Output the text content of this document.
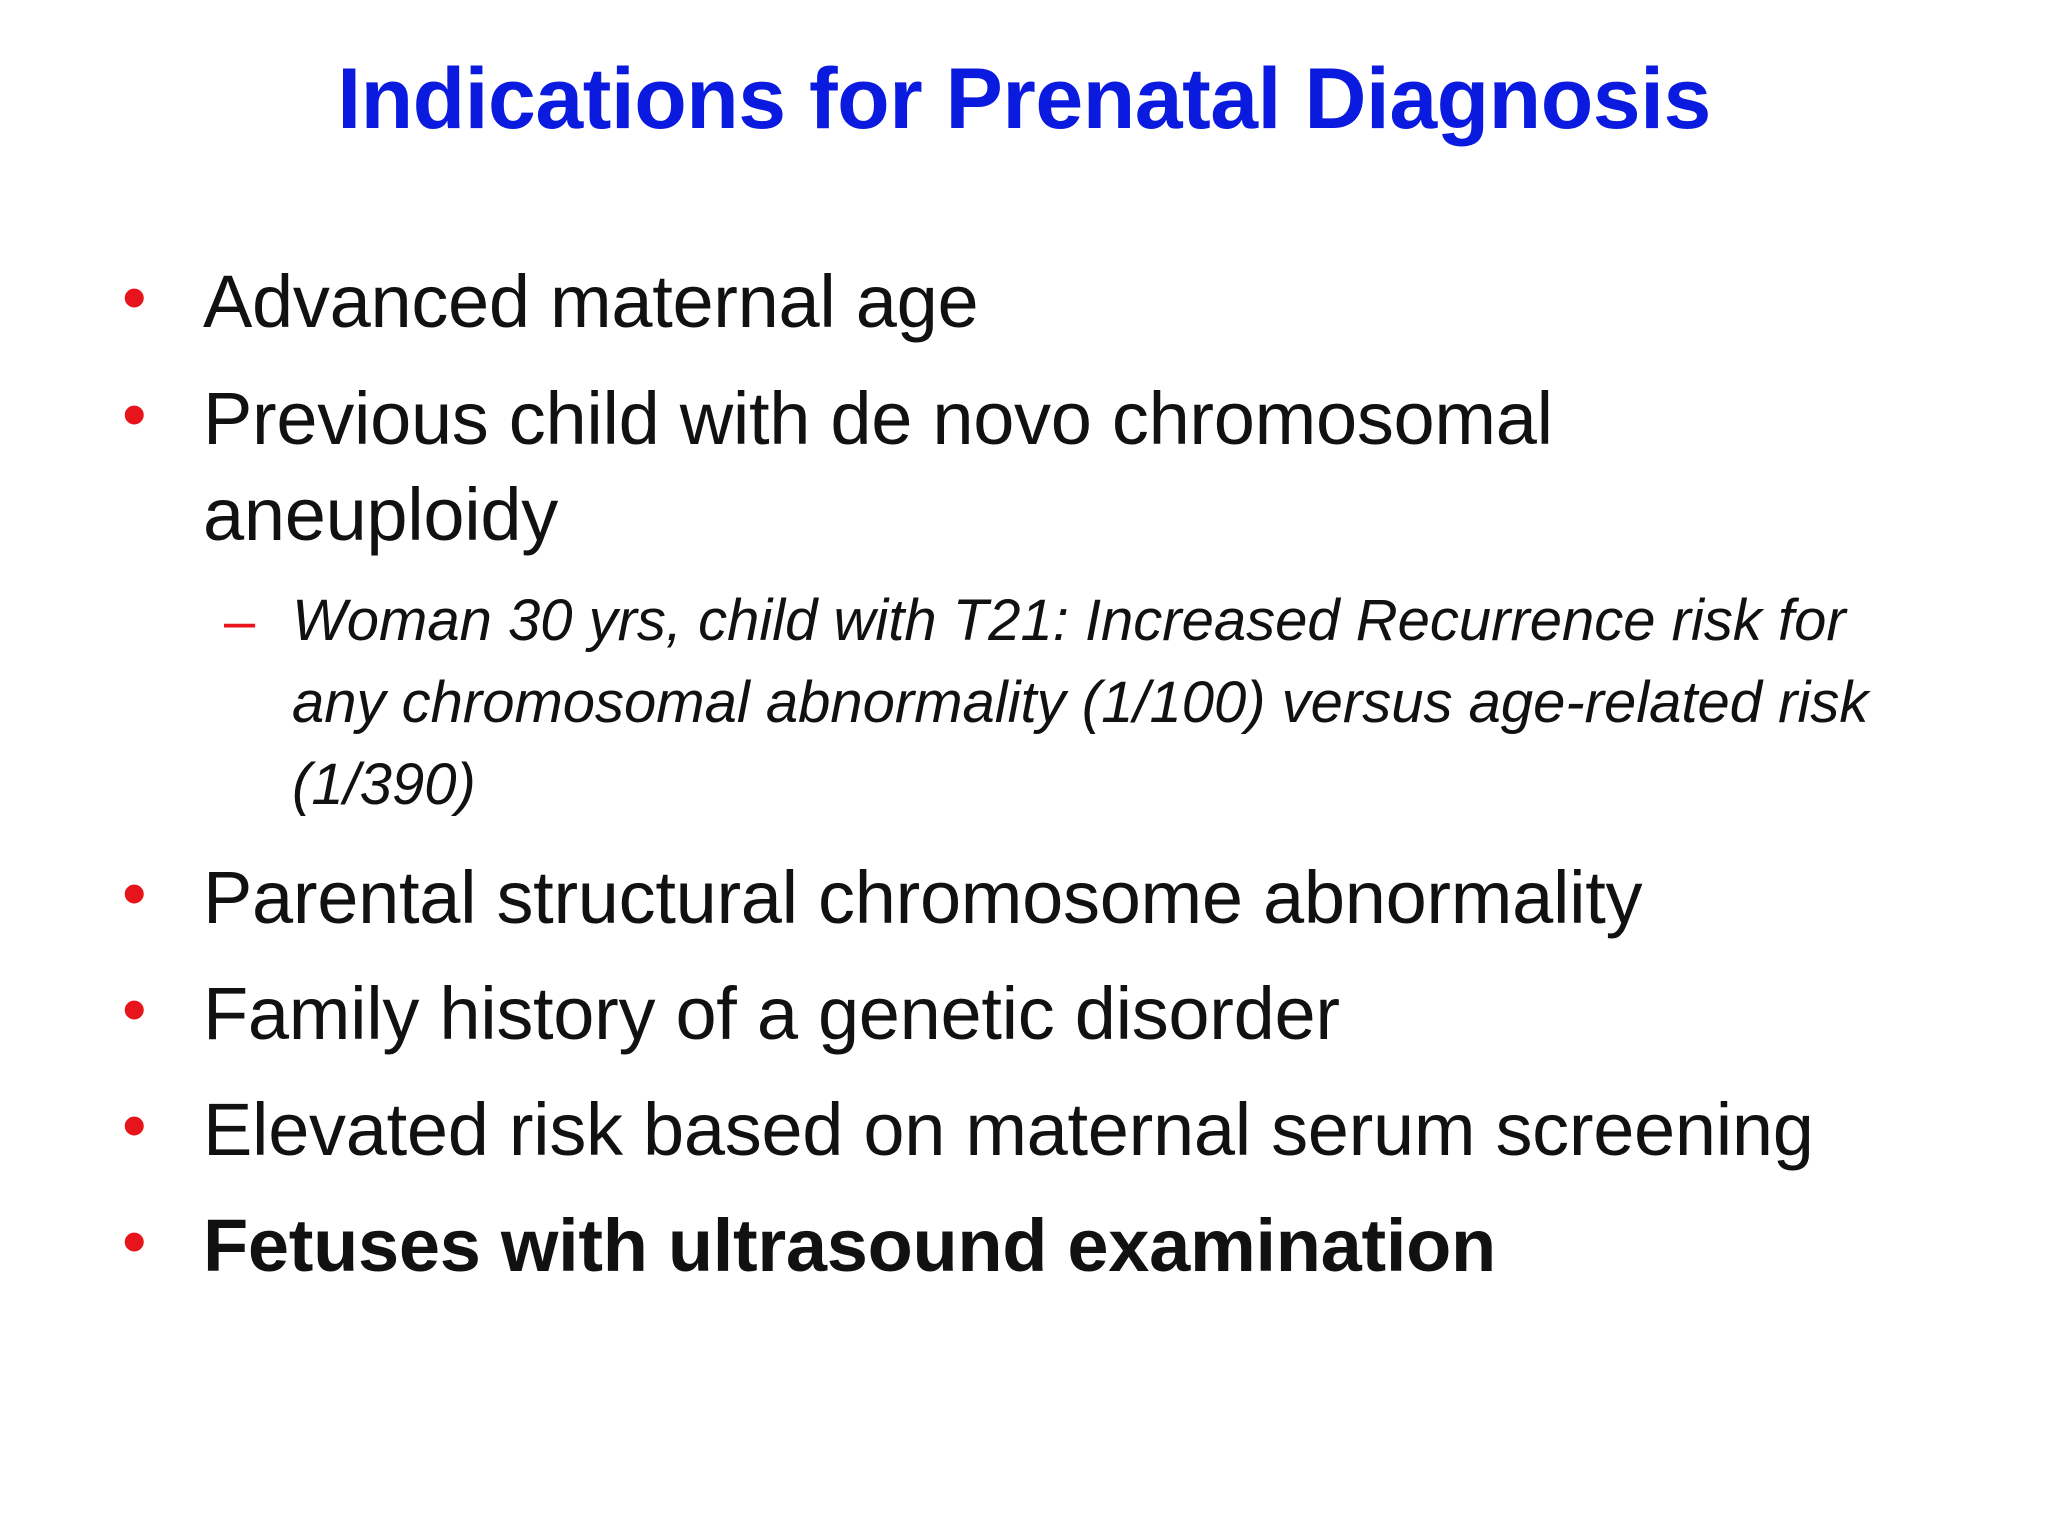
Indications for Prenatal Diagnosis
• Advanced maternal age
• Previous child with de novo chromosomal aneuploidy
– Woman 30 yrs, child with T21: Increased Recurrence risk for any chromosomal abnormality (1/100) versus age-related risk (1/390)
• Parental structural chromosome abnormality
• Family history of a genetic disorder
• Elevated risk based on maternal serum screening
• Fetuses with ultrasound examination
